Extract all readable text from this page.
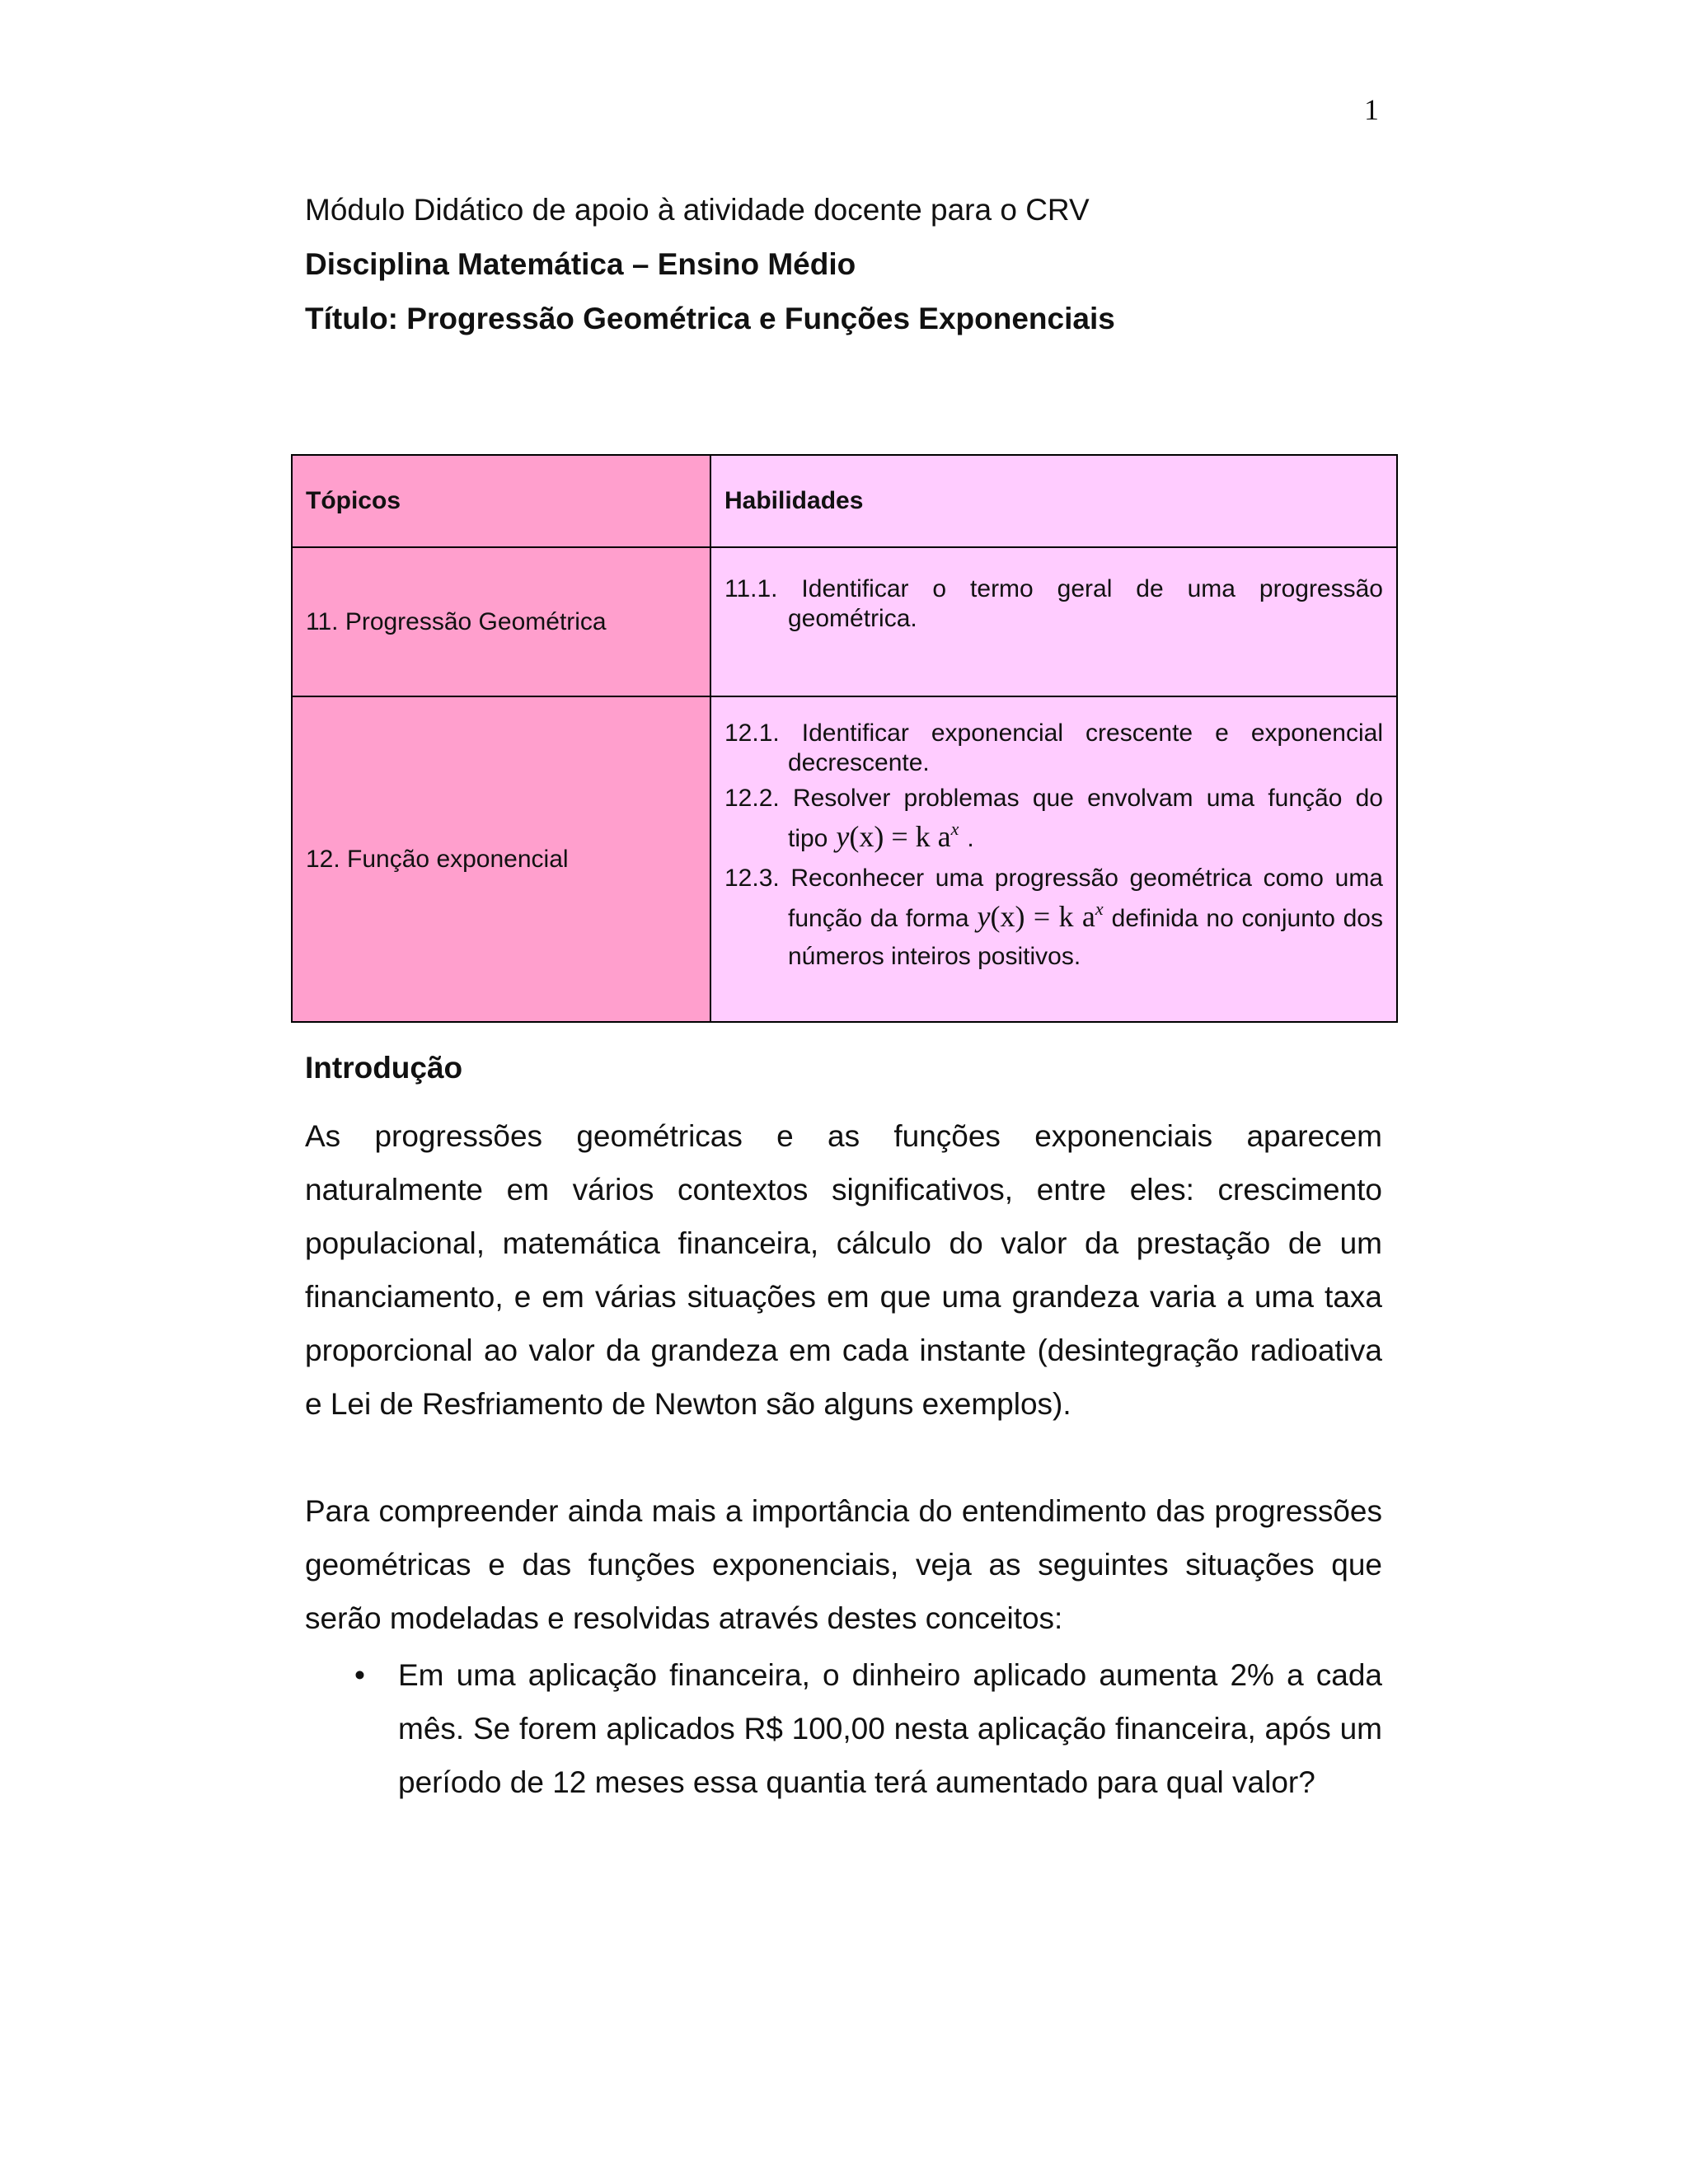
1
Módulo Didático de apoio à atividade docente para o CRV
Disciplina Matemática – Ensino Médio
Título: Progressão Geométrica e Funções Exponenciais
Tópicos	Habilidades
11. Progressão Geométrica	11.1. Identificar o termo geral de uma progressão geométrica.

12. Função exponencial	12.1. Identificar exponencial crescente e exponencial decrescente.

12.2. Resolver problemas que envolvam uma função do tipo y(x) = k $a^x$ .

12.3. Reconhecer uma progressão geométrica como uma função da forma y(x) = k $a^x$ definida no conjunto dos números inteiros positivos.

Introdução

As progressões geométricas e as funções exponenciais aparecem naturalmente em vários contextos significativos, entre eles: crescimento populacional, matemática financeira, cálculo do valor da prestação de um financiamento, e em várias situações em que uma grandeza varia a uma taxa proporcional ao valor da grandeza em cada instante (desintegração radioativa e Lei de Resfriamento de Newton são alguns exemplos).

Para compreender ainda mais a importância do entendimento das progressões geométricas e das funções exponenciais, veja as seguintes situações que serão modeladas e resolvidas através destes conceitos:

• Em uma aplicação financeira, o dinheiro aplicado aumenta 2% a cada mês. Se forem aplicados R$ 100,00 nesta aplicação financeira, após um período de 12 meses essa quantia terá aumentado para qual valor?
